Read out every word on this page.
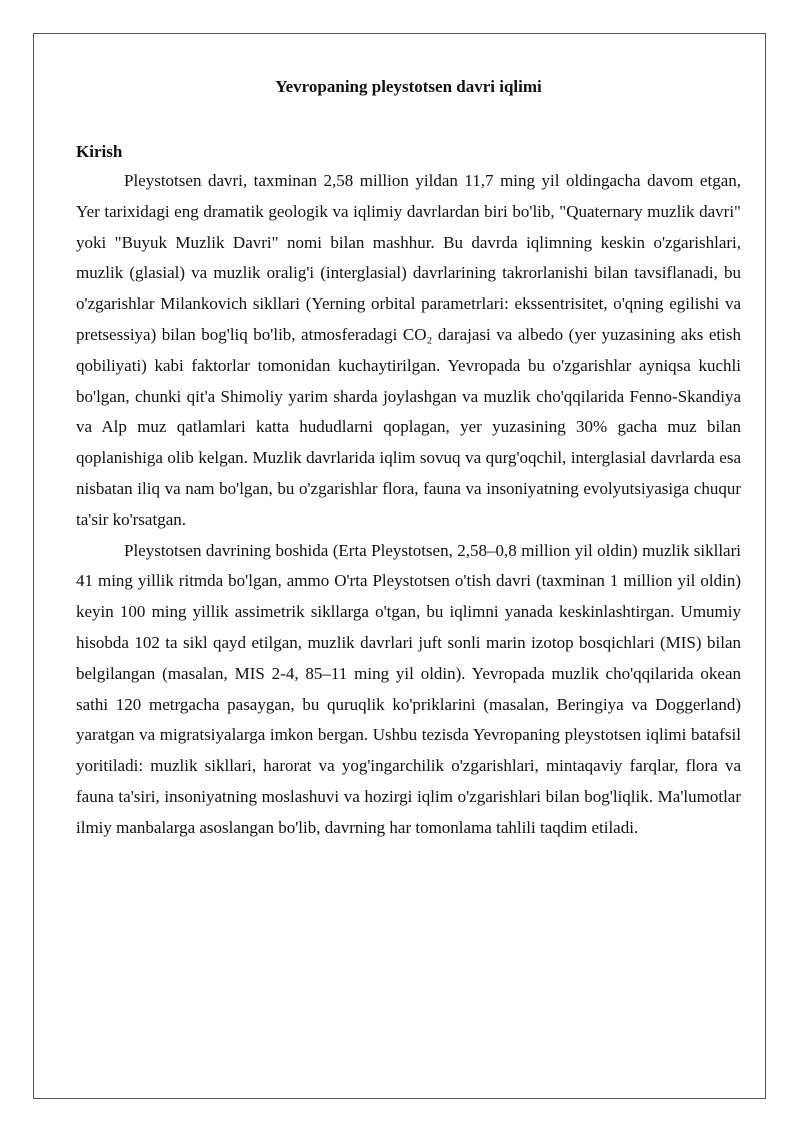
Yevropaning pleystotsen davri iqlimi
Kirish

Pleystotsen davri, taxminan 2,58 million yildan 11,7 ming yil oldingacha davom etgan, Yer tarixidagi eng dramatik geologik va iqlimiy davrlardan biri bo'lib, "Quaternary muzlik davri" yoki "Buyuk Muzlik Davri" nomi bilan mashhur. Bu davrda iqlimning keskin o'zgarishlari, muzlik (glasial) va muzlik oralig'i (interglasial) davrlarining takrorlanishi bilan tavsiflanadi, bu o'zgarishlar Milankovich sikllari (Yerning orbital parametrlari: ekssentrisitet, o'qning egilishi va pretsessiya) bilan bog'liq bo'lib, atmosferadagi CO₂ darajasi va albedo (yer yuzasining aks etish qobiliyati) kabi faktorlar tomonidan kuchaytirilgan. Yevropada bu o'zgarishlar ayniqsa kuchli bo'lgan, chunki qit'a Shimoliy yarim sharda joylashgan va muzlik cho'qqilarida Fenno-Skandiya va Alp muz qatlamlari katta hududlarni qoplagan, yer yuzasining 30% gacha muz bilan qoplanishiga olib kelgan. Muzlik davrlarida iqlim sovuq va qurg'oqchil, interglasial davrlarda esa nisbatan iliq va nam bo'lgan, bu o'zgarishlar flora, fauna va insoniyatning evolyutsiyasiga chuqur ta'sir ko'rsatgan.

Pleystotsen davrining boshida (Erta Pleystotsen, 2,58–0,8 million yil oldin) muzlik sikllari 41 ming yillik ritmda bo'lgan, ammo O'rta Pleystotsen o'tish davri (taxminan 1 million yil oldin) keyin 100 ming yillik assimetrik sikllarga o'tgan, bu iqlimni yanada keskinlashtirgan. Umumiy hisobda 102 ta sikl qayd etilgan, muzlik davrlari juft sonli marin izotop bosqichlari (MIS) bilan belgilangan (masalan, MIS 2-4, 85–11 ming yil oldin). Yevropada muzlik cho'qqilarida okean sathi 120 metrgacha pasaygan, bu quruqlik ko'priklarini (masalan, Beringiya va Doggerland) yaratgan va migratsiyalarga imkon bergan. Ushbu tezisda Yevropaning pleystotsen iqlimi batafsil yoritiladi: muzlik sikllari, harorat va yog'ingarchilik o'zgarishlari, mintaqaviy farqlar, flora va fauna ta'siri, insoniyatning moslashuvi va hozirgi iqlim o'zgarishlari bilan bog'liqlik. Ma'lumotlar ilmiy manbalarga asoslangan bo'lib, davrning har tomonlama tahlili taqdim etiladi.
